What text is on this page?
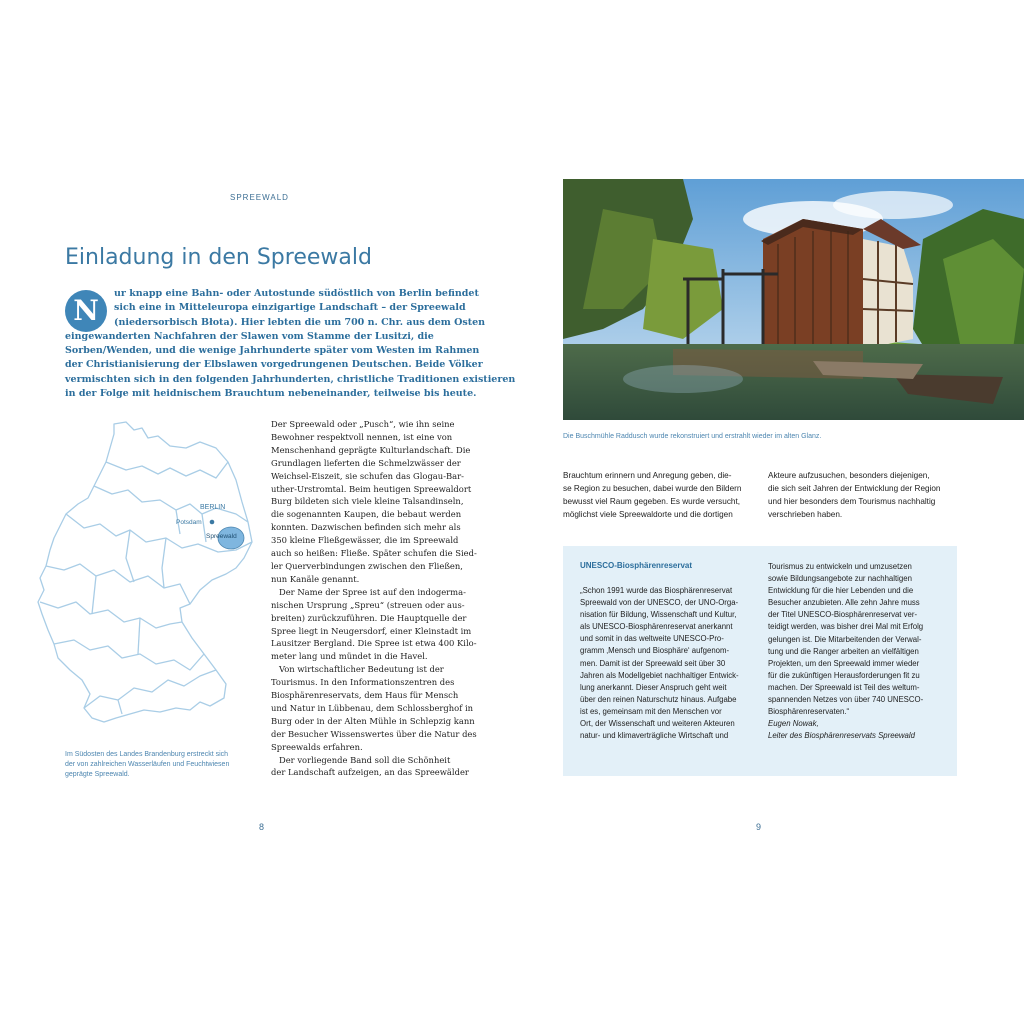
SPREEWALD
Einladung in den Spreewald
N
ur knapp eine Bahn- oder Autostunde südöstlich von Berlin befindet
sich eine in Mitteleuropa einzigartige Landschaft – der Spreewald
(niedersorbisch Błota). Hier lebten die um 700 n. Chr. aus dem Osten
eingewanderten Nachfahren der Slawen vom Stamme der Lusitzi, die
Sorben/Wenden, und die wenige Jahrhunderte später vom Westen im Rahmen
der Christianisierung der Elbslawen vorgedrungenen Deutschen. Beide Völker
vermischten sich in den folgenden Jahrhunderten, christliche Traditionen existieren
in der Folge mit heidnischem Brauchtum nebeneinander, teilweise bis heute.
BERLIN
Potsdam
Spreewald
Im Südosten des Landes Brandenburg erstreckt sich
der von zahlreichen Wasserläufen und Feuchtwiesen
geprägte Spreewald.
Der Spreewald oder „Pusch“, wie ihn seine
Bewohner respektvoll nennen, ist eine von
Menschenhand geprägte Kulturlandschaft. Die
Grundlagen lieferten die Schmelzwässer der
Weichsel-Eiszeit, sie schufen das Glogau-Bar-
uther-Urstromtal. Beim heutigen Spreewaldort
Burg bildeten sich viele kleine Talsandinseln,
die sogenannten Kaupen, die bebaut werden
konnten. Dazwischen befinden sich mehr als
350 kleine Fließgewässer, die im Spreewald
auch so heißen: Fließe. Später schufen die Sied-
ler Querverbindungen zwischen den Fließen,
nun Kanäle genannt.
Der Name der Spree ist auf den indogerma-
nischen Ursprung „Spreu“ (streuen oder aus-
breiten) zurückzuführen. Die Hauptquelle der
Spree liegt in Neugersdorf, einer Kleinstadt im
Lausitzer Bergland. Die Spree ist etwa 400 Kilo-
meter lang und mündet in die Havel.
Von wirtschaftlicher Bedeutung ist der
Tourismus. In den Informationszentren des
Biosphärenreservats, dem Haus für Mensch
und Natur in Lübbenau, dem Schlossberghof in
Burg oder in der Alten Mühle in Schlepzig kann
der Besucher Wissenswertes über die Natur des
Spreewalds erfahren.
Der vorliegende Band soll die Schönheit
der Landschaft aufzeigen, an das Spreewälder
8
Die Buschmühle Raddusch wurde rekonstruiert und erstrahlt wieder im alten Glanz.
Brauchtum erinnern und Anregung geben, die-
se Region zu besuchen, dabei wurde den Bildern
bewusst viel Raum gegeben. Es wurde versucht,
möglichst viele Spreewaldorte und die dortigen
Akteure aufzusuchen, besonders diejenigen,
die sich seit Jahren der Entwicklung der Region
und hier besonders dem Tourismus nachhaltig
verschrieben haben.
UNESCO-Biosphärenreservat
„Schon 1991 wurde das Biosphärenreservat
Spreewald von der UNESCO, der UNO-Orga-
nisation für Bildung, Wissenschaft und Kultur,
als UNESCO-Biosphärenreservat anerkannt
und somit in das weltweite UNESCO-Pro-
gramm ‚Mensch und Biosphäre‘ aufgenom-
men. Damit ist der Spreewald seit über 30
Jahren als Modellgebiet nachhaltiger Entwick-
lung anerkannt. Dieser Anspruch geht weit
über den reinen Naturschutz hinaus. Aufgabe
ist es, gemeinsam mit den Menschen vor
Ort, der Wissenschaft und weiteren Akteuren
natur- und klimaverträgliche Wirtschaft und
Tourismus zu entwickeln und umzusetzen
sowie Bildungsangebote zur nachhaltigen
Entwicklung für die hier Lebenden und die
Besucher anzubieten. Alle zehn Jahre muss
der Titel UNESCO-Biosphärenreservat ver-
teidigt werden, was bisher drei Mal mit Erfolg
gelungen ist. Die Mitarbeitenden der Verwal-
tung und die Ranger arbeiten an vielfältigen
Projekten, um den Spreewald immer wieder
für die zukünftigen Herausforderungen fit zu
machen. Der Spreewald ist Teil des weltum-
spannenden Netzes von über 740 UNESCO-
Biosphärenreservaten.“
Eugen Nowak,
Leiter des Biosphärenreservats Spreewald
9
